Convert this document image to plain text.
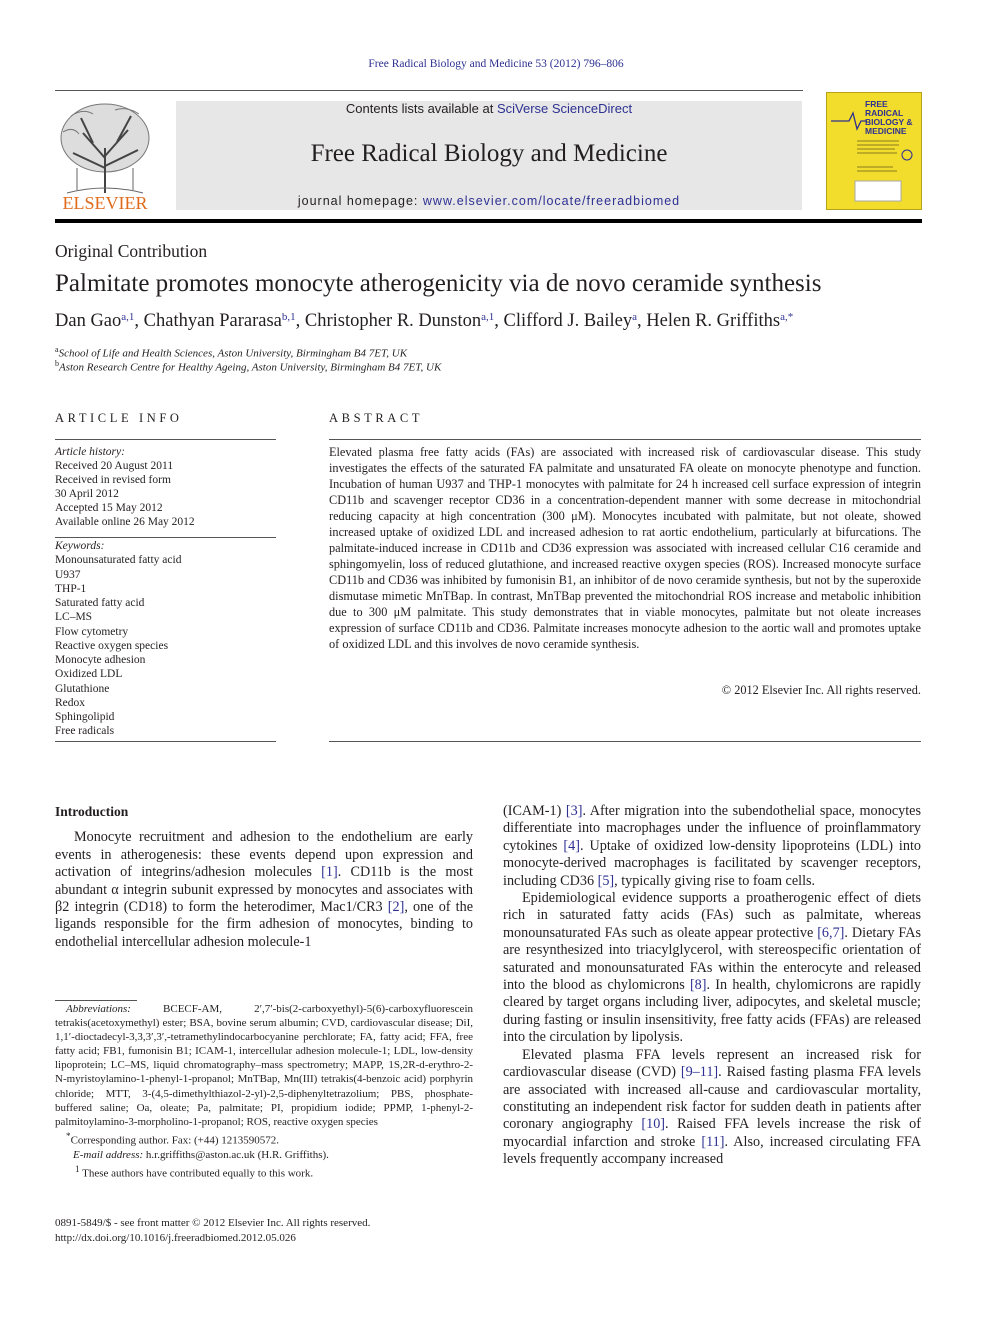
Free Radical Biology and Medicine 53 (2012) 796–806
ELSEVIER
Contents lists available at SciVerse ScienceDirect
Free Radical Biology and Medicine
journal homepage: www.elsevier.com/locate/freeradbiomed
FREE
RADICAL
BIOLOGY &
MEDICINE
Original Contribution
Palmitate promotes monocyte atherogenicity via de novo ceramide synthesis
Dan Gao$^{a,1}$, Chathyan Pararasa$^{b,1}$, Christopher R. Dunston$^{a,1}$, Clifford J. Bailey$^a$, Helen R. Griffiths$^{a,*}$
$^a$School of Life and Health Sciences, Aston University, Birmingham B4 7ET, UK
$^b$Aston Research Centre for Healthy Ageing, Aston University, Birmingham B4 7ET, UK
ARTICLE INFO	ABSTRACT
Article history:
Received 20 August 2011
Received in revised form
30 April 2012
Accepted 15 May 2012
Available online 26 May 2012
Keywords:
Monounsaturated fatty acid
U937
THP-1
Saturated fatty acid
LC–MS
Flow cytometry
Reactive oxygen species
Monocyte adhesion
Oxidized LDL
Glutathione
Redox
Sphingolipid
Free radicals
Elevated plasma free fatty acids (FAs) are associated with increased risk of cardiovascular disease. This study investigates the effects of the saturated FA palmitate and unsaturated FA oleate on monocyte phenotype and function. Incubation of human U937 and THP-1 monocytes with palmitate for 24 h increased cell surface expression of integrin CD11b and scavenger receptor CD36 in a concentration-dependent manner with some decrease in mitochondrial reducing capacity at high concentration (300 μM). Monocytes incubated with palmitate, but not oleate, showed increased uptake of oxidized LDL and increased adhesion to rat aortic endothelium, particularly at bifurcations. The palmitate-induced increase in CD11b and CD36 expression was associated with increased cellular C16 ceramide and sphingomyelin, loss of reduced glutathione, and increased reactive oxygen species (ROS). Increased monocyte surface CD11b and CD36 was inhibited by fumonisin B1, an inhibitor of de novo ceramide synthesis, but not by the superoxide dismutase mimetic MnTBap. In contrast, MnTBap prevented the mitochondrial ROS increase and metabolic inhibition due to 300 μM palmitate. This study demonstrates that in viable monocytes, palmitate but not oleate increases expression of surface CD11b and CD36. Palmitate increases monocyte adhesion to the aortic wall and promotes uptake of oxidized LDL and this involves de novo ceramide synthesis.
© 2012 Elsevier Inc. All rights reserved.
Introduction
Monocyte recruitment and adhesion to the endothelium are early events in atherogenesis: these events depend upon expression and activation of integrins/adhesion molecules [1]. CD11b is the most abundant α integrin subunit expressed by monocytes and associates with β2 integrin (CD18) to form the heterodimer, Mac1/CR3 [2], one of the ligands responsible for the firm adhesion of monocytes, binding to endothelial intercellular adhesion molecule-1
(ICAM-1) [3]. After migration into the subendothelial space, monocytes differentiate into macrophages under the influence of proinflammatory cytokines [4]. Uptake of oxidized low-density lipoproteins (LDL) into monocyte-derived macrophages is facilitated by scavenger receptors, including CD36 [5], typically giving rise to foam cells.
Epidemiological evidence supports a proatherogenic effect of diets rich in saturated fatty acids (FAs) such as palmitate, whereas monounsaturated FAs such as oleate appear protective [6,7]. Dietary FAs are resynthesized into triacylglycerol, with stereospecific orientation of saturated and monounsaturated FAs within the enterocyte and released into the blood as chylomicrons [8]. In health, chylomicrons are rapidly cleared by target organs including liver, adipocytes, and skeletal muscle; during fasting or insulin insensitivity, free fatty acids (FFAs) are released into the circulation by lipolysis.
Elevated plasma FFA levels represent an increased risk for cardiovascular disease (CVD) [9–11]. Raised fasting plasma FFA levels are associated with increased all-cause and cardiovascular mortality, constituting an independent risk factor for sudden death in patients after coronary angiography [10]. Raised FFA levels increase the risk of myocardial infarction and stroke [11]. Also, increased circulating FFA levels frequently accompany increased
Abbreviations: BCECF-AM, 2′,7′-bis(2-carboxyethyl)-5(6)-carboxyfluorescein tetrakis(acetoxymethyl) ester; BSA, bovine serum albumin; CVD, cardiovascular disease; DiI, 1,1′-dioctadecyl-3,3,3′,3′,-tetramethylindocarbocyanine perchlorate; FA, fatty acid; FFA, free fatty acid; FB1, fumonisin B1; ICAM-1, intercellular adhesion molecule-1; LDL, low-density lipoprotein; LC–MS, liquid chromatography–mass spectrometry; MAPP, 1S,2R-d-erythro-2-N-myristoylamino-1-phenyl-1-propanol; MnTBap, Mn(III) tetrakis(4-benzoic acid) porphyrin chloride; MTT, 3-(4,5-dimethylthiazol-2-yl)-2,5-diphenyltetrazolium; PBS, phosphate-buffered saline; Oa, oleate; Pa, palmitate; PI, propidium iodide; PPMP, 1-phenyl-2-palmitoylamino-3-morpholino-1-propanol; ROS, reactive oxygen species
*Corresponding author. Fax: (+44) 1213590572.
E-mail address: h.r.griffiths@aston.ac.uk (H.R. Griffiths).
$^1$ These authors have contributed equally to this work.
0891-5849/$ - see front matter © 2012 Elsevier Inc. All rights reserved.
http://dx.doi.org/10.1016/j.freeradbiomed.2012.05.026
